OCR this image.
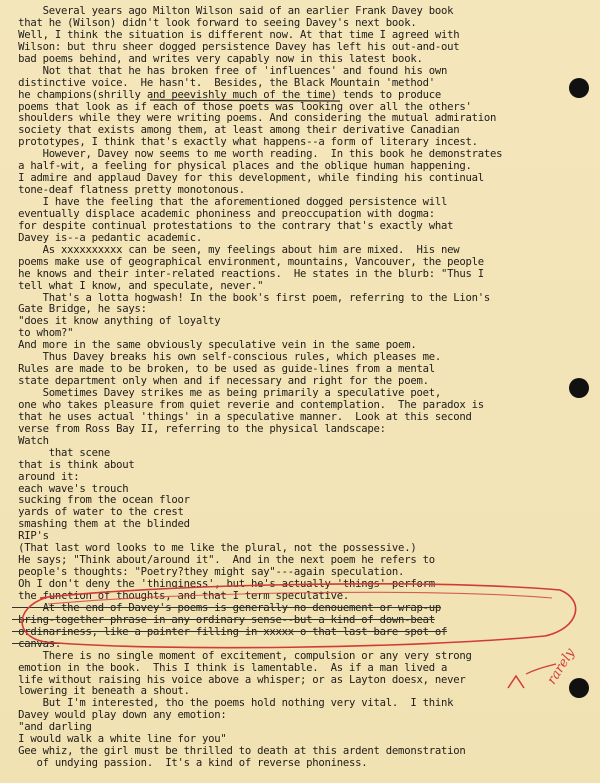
Several years ago Milton Wilson said of an earlier Frank Davey book
that he (Wilson) didn't look forward to seeing Davey's next book.
Well, I think the situation is different now. At that time I agreed with
Wilson: but thru sheer dogged persistence Davey has left his out-and-out
bad poems behind, and writes very capably now in this latest book.
Not that that he has broken free of 'influences' and found his own
distinctive voice.  He hasn't.  Besides, the Black Mountain 'method'
he champions(shrilly and peevishly much of the time) tends to produce
poems that look as if each of those poets was looking over all the others'
shoulders while they were writing poems. And considering the mutual admiration
society that exists among them, at least among their derivative Canadian
prototypes, I think that's exactly what happens--a form of literary incest.
However, Davey now seems to me worth reading.  In this book he demonstrates
a half-wit, a feeling for physical places and the oblique human happening.
I admire and applaud Davey for this development, while finding his continual
tone-deaf flatness pretty monotonous.
I have the feeling that the aforementioned dogged persistence will
eventually displace academic phoniness and preoccupation with dogma:
for despite continual protestations to the contrary that's exactly what
Davey is--a pedantic academic.
As xxxxxxxxxx can be seen, my feelings about him are mixed.  His new
poems make use of geographical environment, mountains, Vancouver, the people
he knows and their inter-related reactions.  He states in the blurb: "Thus I
tell what I know, and speculate, never."
That's a lotta hogwash! In the book's first poem, referring to the Lion's
Gate Bridge, he says:
"does it know anything of loyalty
to whom?"
And more in the same obviously speculative vein in the same poem.
Thus Davey breaks his own self-conscious rules, which pleases me.
Rules are made to be broken, to be used as guide-lines from a mental
state department only when and if necessary and right for the poem.
Sometimes Davey strikes me as being primarily a speculative poet,
one who takes pleasure from quiet reverie and contemplation.  The paradox is
that he uses actual 'things' in a speculative manner.  Look at this second
verse from Ross Bay II, referring to the physical landscape:
Watch
that scene
that is think about
around it:
each wave's trouch
sucking from the ocean floor
yards of water to the crest
smashing them at the blinded
RIP's
(That last word looks to me like the plural, not the possessive.)
He says; "Think about/around it".  And in the next poem he refers to
people's thoughts: "Poetry?they might say"---again speculation.
Oh I don't deny the 'thinginess', but he's actually 'things' perform
the function of thoughts, and that I term speculative.
At the end of Davey's poems is generally no denouement or wrap-up
bring-together phrase in any ordinary sense--but a kind of down-beat
ordinariness, like a painter filling in xxxxx o that last bare spot of
canvas.
There is no single moment of excitement, compulsion or any very strong
emotion in the book.  This I think is lamentable.  As if a man lived a
life without raising his voice above a whisper; or as Layton doesx, never
lowering it beneath a shout.
But I'm interested, tho the poems hold nothing very vital.  I think
Davey would play down any emotion:
"and darling
I would walk a white line for you"
Gee whiz, the girl must be thrilled to death at this ardent demonstration
of undying passion.  It's a kind of reverse phoniness.
rarely
